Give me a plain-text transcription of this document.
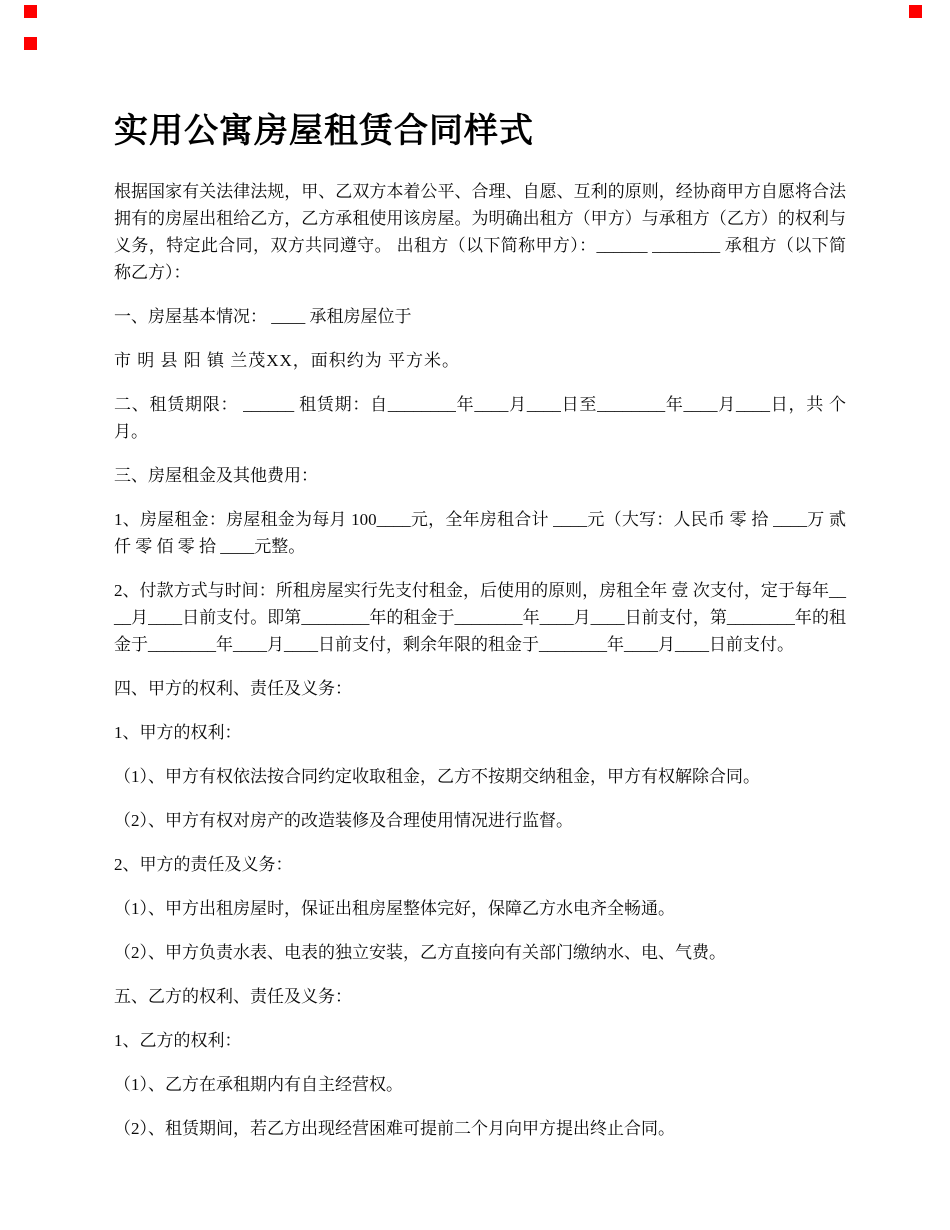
实用公寓房屋租赁合同样式

根据国家有关法律法规，甲、乙双方本着公平、合理、自愿、互利的原则，经协商甲方自愿将合法拥有的房屋出租给乙方，乙方承租使用该房屋。为明确出租方（甲方）与承租方（乙方）的权利与义务，特定此合同，双方共同遵守。 出租方（以下简称甲方）：______ ________ 承租方（以下简称乙方）：

一、房屋基本情况： ____ 承租房屋位于

市 明 县 阳 镇 兰茂XX，面积约为 平方米。

二、租赁期限： ______ 租赁期：自________年____月____日至________年____月____日，共 个月。

三、房屋租金及其他费用：

1、房屋租金：房屋租金为每月 100____元，全年房租合计 ____元（大写：人民币 零 拾 ____万 贰 仟 零 佰 零 拾 ____元整。

2、付款方式与时间：所租房屋实行先支付租金，后使用的原则，房租全年 壹 次支付，定于每年____月____日前支付。即第________年的租金于________年____月____日前支付，第________年的租金于________年____月____日前支付，剩余年限的租金于________年____月____日前支付。

四、甲方的权利、责任及义务：

1、甲方的权利：

（1）、甲方有权依法按合同约定收取租金，乙方不按期交纳租金，甲方有权解除合同。

（2）、甲方有权对房产的改造装修及合理使用情况进行监督。

2、甲方的责任及义务：

（1）、甲方出租房屋时，保证出租房屋整体完好，保障乙方水电齐全畅通。

（2）、甲方负责水表、电表的独立安装，乙方直接向有关部门缴纳水、电、气费。

五、乙方的权利、责任及义务：

1、乙方的权利：

（1）、乙方在承租期内有自主经营权。

（2）、租赁期间，若乙方出现经营困难可提前二个月向甲方提出终止合同。
